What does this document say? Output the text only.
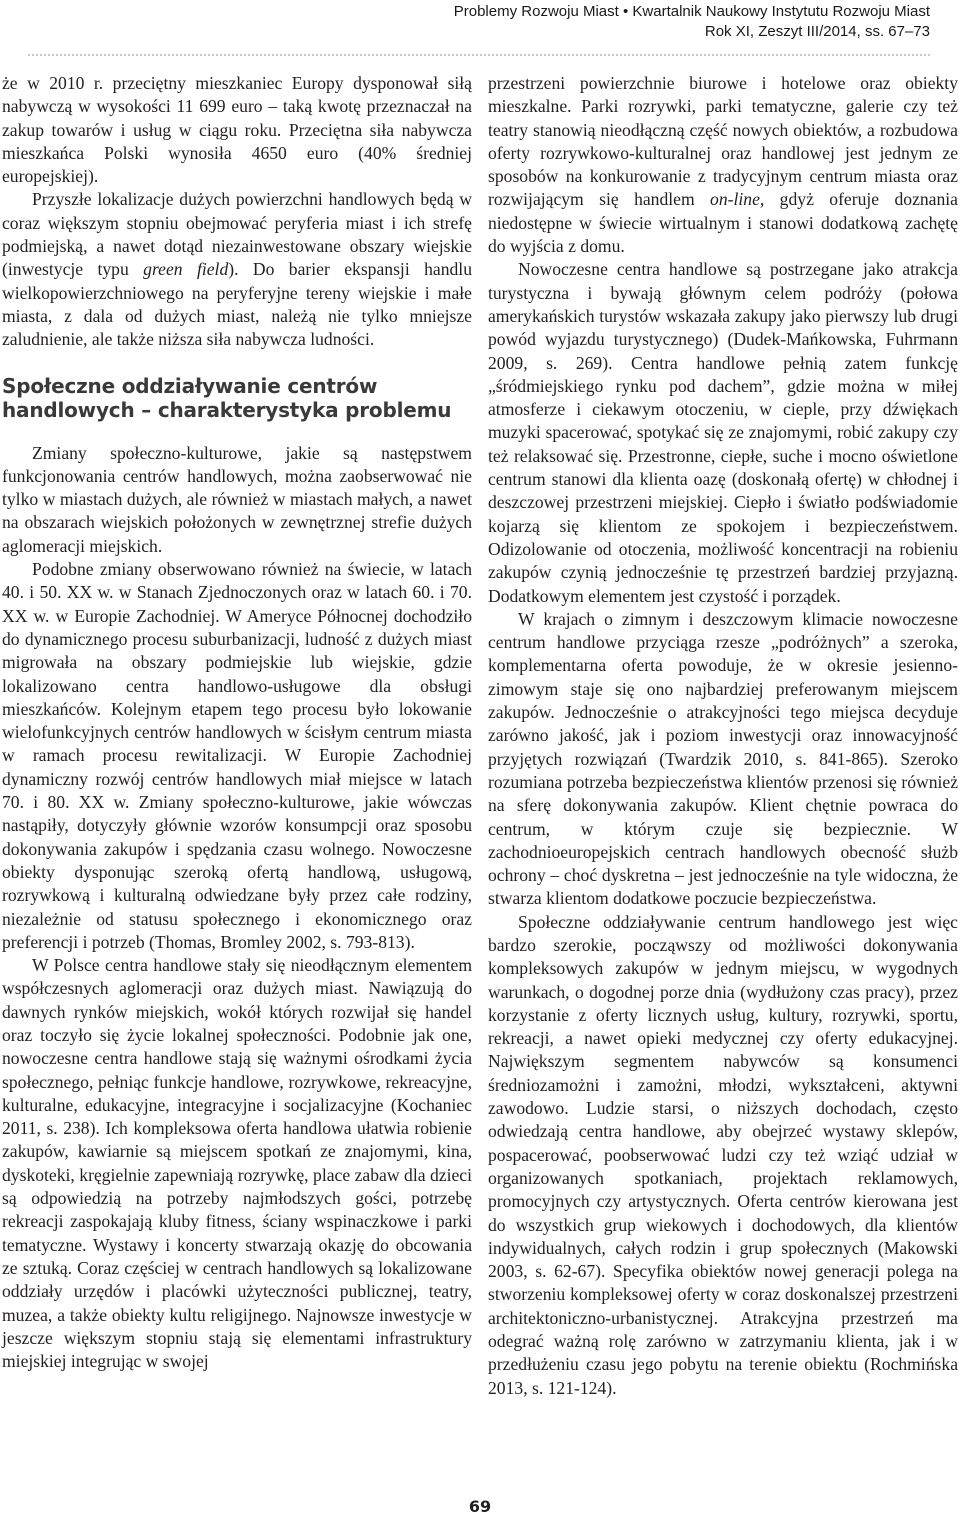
Problemy Rozwoju Miast • Kwartalnik Naukowy Instytutu Rozwoju Miast
Rok XI, Zeszyt III/2014, ss. 67–73

że w 2010 r. przeciętny mieszkaniec Europy dysponował siłą nabywczą w wysokości 11 699 euro – taką kwotę przeznaczał na zakup towarów i usług w ciągu roku. Przeciętna siła nabywcza mieszkańca Polski wynosiła 4650 euro (40% średniej europejskiej).

Przyszłe lokalizacje dużych powierzchni handlowych będą w coraz większym stopniu obejmować peryferia miast i ich strefę podmiejską, a nawet dotąd niezainwestowane obszary wiejskie (inwestycje typu green field). Do barier ekspansji handlu wielkopowierzchniowego na peryferyjne tereny wiejskie i małe miasta, z dala od dużych miast, należą nie tylko mniejsze zaludnienie, ale także niższa siła nabywcza ludności.

Społeczne oddziaływanie centrów
handlowych – charakterystyka problemu

Zmiany społeczno-kulturowe, jakie są następstwem funkcjonowania centrów handlowych, można zaobserwować nie tylko w miastach dużych, ale również w miastach małych, a nawet na obszarach wiejskich położonych w zewnętrznej strefie dużych aglomeracji miejskich.

Podobne zmiany obserwowano również na świecie, w latach 40. i 50. XX w. w Stanach Zjednoczonych oraz w latach 60. i 70. XX w. w Europie Zachodniej. W Ameryce Północnej dochodziło do dynamicznego procesu suburbanizacji, ludność z dużych miast migrowała na obszary podmiejskie lub wiejskie, gdzie lokalizowano centra handlowo-usługowe dla obsługi mieszkańców. Kolejnym etapem tego procesu było lokowanie wielofunkcyjnych centrów handlowych w ścisłym centrum miasta w ramach procesu rewitalizacji. W Europie Zachodniej dynamiczny rozwój centrów handlowych miał miejsce w latach 70. i 80. XX w. Zmiany społeczno-kulturowe, jakie wówczas nastąpiły, dotyczyły głównie wzorów konsumpcji oraz sposobu dokonywania zakupów i spędzania czasu wolnego. Nowoczesne obiekty dysponując szeroką ofertą handlową, usługową, rozrywkową i kulturalną odwiedzane były przez całe rodziny, niezależnie od statusu społecznego i ekonomicznego oraz preferencji i potrzeb (Thomas, Bromley 2002, s. 793-813).

W Polsce centra handlowe stały się nieodłącznym elementem współczesnych aglomeracji oraz dużych miast. Nawiązują do dawnych rynków miejskich, wokół których rozwijał się handel oraz toczyło się życie lokalnej społeczności. Podobnie jak one, nowoczesne centra handlowe stają się ważnymi ośrodkami życia społecznego, pełniąc funkcje handlowe, rozrywkowe, rekreacyjne, kulturalne, edukacyjne, integracyjne i socjalizacyjne (Kochaniec 2011, s. 238). Ich kompleksowa oferta handlowa ułatwia robienie zakupów, kawiarnie są miejscem spotkań ze znajomymi, kina, dyskoteki, kręgielnie zapewniają rozrywkę, place zabaw dla dzieci są odpowiedzią na potrzeby najmłodszych gości, potrzebę rekreacji zaspokajają kluby fitness, ściany wspinaczkowe i parki tematyczne. Wystawy i koncerty stwarzają okazję do obcowania ze sztuką. Coraz częściej w centrach handlowych są lokalizowane oddziały urzędów i placówki użyteczności publicznej, teatry, muzea, a także obiekty kultu religijnego. Najnowsze inwestycje w jeszcze większym stopniu stają się elementami infrastruktury miejskiej integrując w swojej

przestrzeni powierzchnie biurowe i hotelowe oraz obiekty mieszkalne. Parki rozrywki, parki tematyczne, galerie czy też teatry stanowią nieodłączną część nowych obiektów, a rozbudowa oferty rozrywkowo-kulturalnej oraz handlowej jest jednym ze sposobów na konkurowanie z tradycyjnym centrum miasta oraz rozwijającym się handlem on-line, gdyż oferuje doznania niedostępne w świecie wirtualnym i stanowi dodatkową zachętę do wyjścia z domu.

Nowoczesne centra handlowe są postrzegane jako atrakcja turystyczna i bywają głównym celem podróży (połowa amerykańskich turystów wskazała zakupy jako pierwszy lub drugi powód wyjazdu turystycznego) (Dudek-Mańkowska, Fuhrmann 2009, s. 269). Centra handlowe pełnią zatem funkcję „śródmiejskiego rynku pod dachem”, gdzie można w miłej atmosferze i ciekawym otoczeniu, w cieple, przy dźwiękach muzyki spacerować, spotykać się ze znajomymi, robić zakupy czy też relaksować się. Przestronne, ciepłe, suche i mocno oświetlone centrum stanowi dla klienta oazę (doskonałą ofertę) w chłodnej i deszczowej przestrzeni miejskiej. Ciepło i światło podświadomie kojarzą się klientom ze spokojem i bezpieczeństwem. Odizolowanie od otoczenia, możliwość koncentracji na robieniu zakupów czynią jednocześnie tę przestrzeń bardziej przyjazną. Dodatkowym elementem jest czystość i porządek.

W krajach o zimnym i deszczowym klimacie nowoczesne centrum handlowe przyciąga rzesze „podróżnych” a szeroka, komplementarna oferta powoduje, że w okresie jesienno-zimowym staje się ono najbardziej preferowanym miejscem zakupów. Jednocześnie o atrakcyjności tego miejsca decyduje zarówno jakość, jak i poziom inwestycji oraz innowacyjność przyjętych rozwiązań (Twardzik 2010, s. 841-865). Szeroko rozumiana potrzeba bezpieczeństwa klientów przenosi się również na sferę dokonywania zakupów. Klient chętnie powraca do centrum, w którym czuje się bezpiecznie. W zachodnioeuropejskich centrach handlowych obecność służb ochrony – choć dyskretna – jest jednocześnie na tyle widoczna, że stwarza klientom dodatkowe poczucie bezpieczeństwa.

Społeczne oddziaływanie centrum handlowego jest więc bardzo szerokie, począwszy od możliwości dokonywania kompleksowych zakupów w jednym miejscu, w wygodnych warunkach, o dogodnej porze dnia (wydłużony czas pracy), przez korzystanie z oferty licznych usług, kultury, rozrywki, sportu, rekreacji, a nawet opieki medycznej czy oferty edukacyjnej. Największym segmentem nabywców są konsumenci średniozamożni i zamożni, młodzi, wykształceni, aktywni zawodowo. Ludzie starsi, o niższych dochodach, często odwiedzają centra handlowe, aby obejrzeć wystawy sklepów, pospacerować, poobserwować ludzi czy też wziąć udział w organizowanych spotkaniach, projektach reklamowych, promocyjnych czy artystycznych. Oferta centrów kierowana jest do wszystkich grup wiekowych i dochodowych, dla klientów indywidualnych, całych rodzin i grup społecznych (Makowski 2003, s. 62-67). Specyfika obiektów nowej generacji polega na stworzeniu kompleksowej oferty w coraz doskonalszej przestrzeni architektoniczno-urbanistycznej. Atrakcyjna przestrzeń ma odegrać ważną rolę zarówno w zatrzymaniu klienta, jak i w przedłużeniu czasu jego pobytu na terenie obiektu (Rochmińska 2013, s. 121-124).

69
